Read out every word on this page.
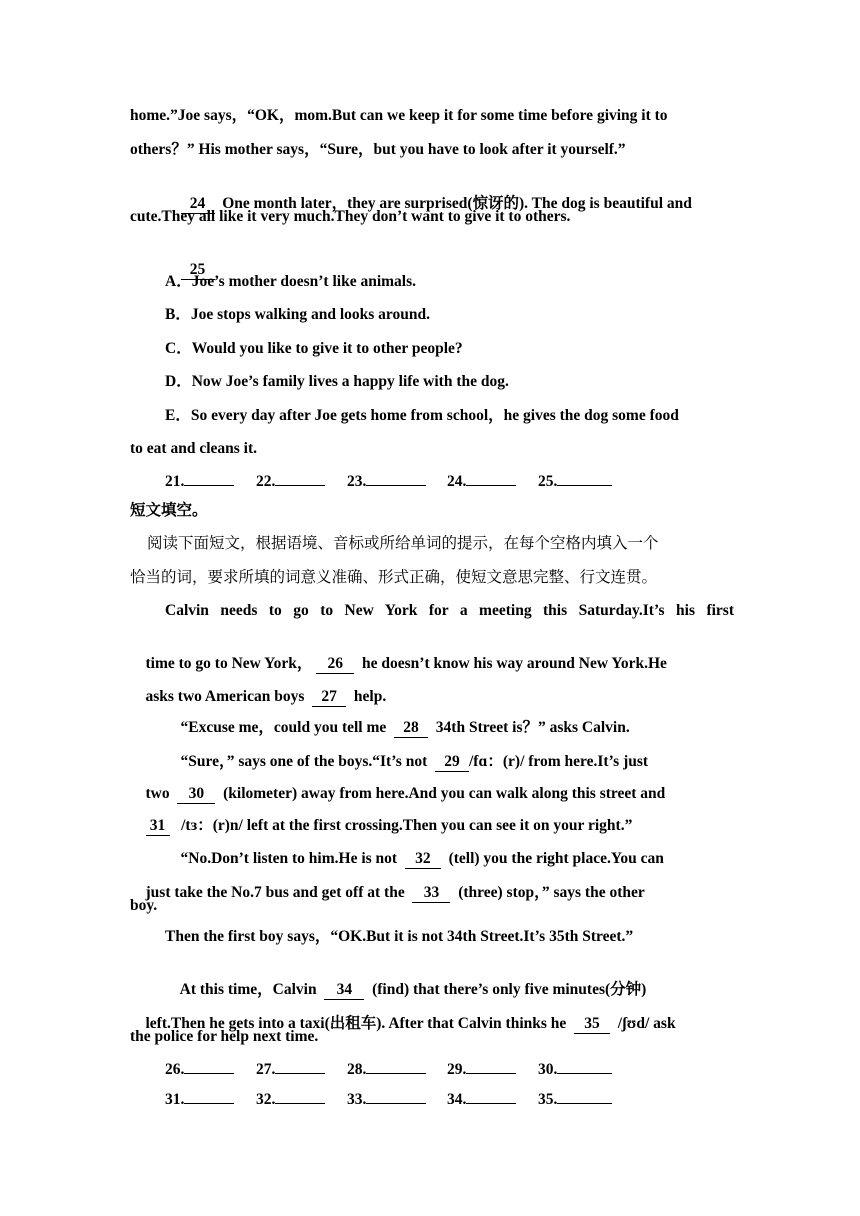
home.”Joe says，“OK，mom.But can we keep it for some time before giving it to
others？” His mother says，“Sure，but you have to look after it yourself.”

24 One month later，they are surprised(惊讶的). The dog is beautiful and

cute.They all like it very much.They don’t want to give it to others.

25

A．Joe’s mother doesn’t like animals.
B．Joe stops walking and looks around.
C．Would you like to give it to other people?
D．Now Joe’s family lives a happy life with the dog.
E．So every day after Joe gets home from school，he gives the dog some food
to eat and cleans it.
21.	22.	23.	24.	25.
短文填空。
阅读下面短文，根据语境、音标或所给单词的提示，在每个空格内填入一个
恰当的词，要求所填的词意义准确、形式正确，使短文意思完整、行文连贯。
Calvin needs to go to New York for a meeting this Saturday.It’s his first

time to go to New York， 26 he doesn’t know his way around New York.He

asks two American boys 27 help.

“Excuse me，could you tell me 28 34th Street is？” asks Calvin.

“Sure，” says one of the boys.“It’s not 29 /fɑ：(r)/ from here.It’s just

two 30 (kilometer) away from here.And you can walk along this street and

31 /tɜ：(r)n/ left at the first crossing.Then you can see it on your right.”

“No.Don’t listen to him.He is not 32 (tell) you the right place.You can

just take the No.7 bus and get off at the 33 (three) stop，” says the other

boy.
Then the first boy says，“OK.But it is not 34th Street.It’s 35th Street.”

At this time，Calvin 34 (find) that there’s only five minutes(分钟)

left.Then he gets into a taxi(出租车). After that Calvin thinks he 35 /ʃʊd/ ask

the police for help next time.
26.	27.	28.	29.	30.
31.	32.	33.	34.	35.
